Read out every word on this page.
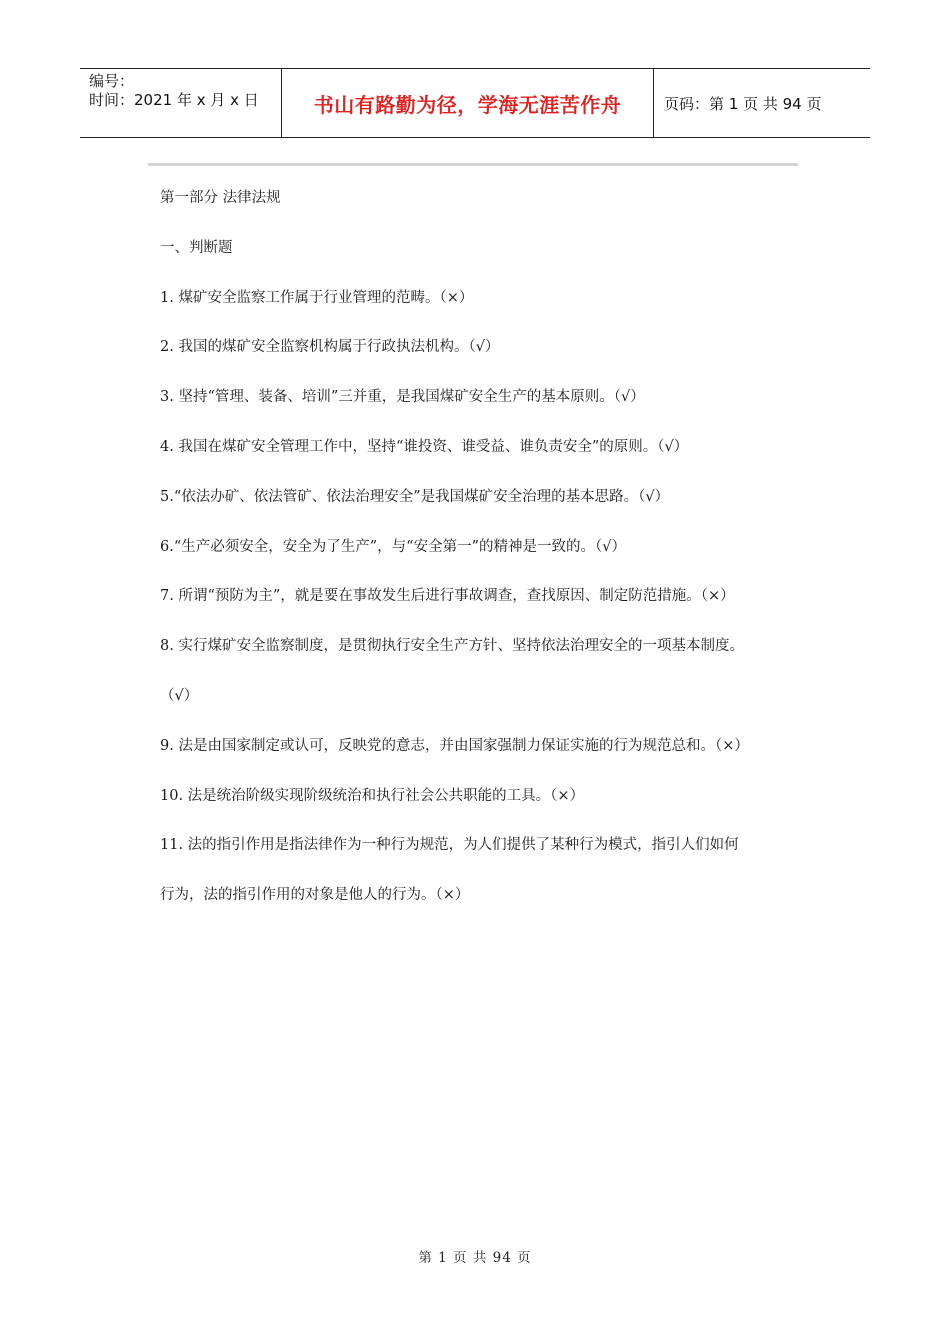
编号：
时间：2021 年 x 月 x 日	书山有路勤为径，学海无涯苦作舟	页码：第 1 页 共 94 页
第一部分 法律法规
一、判断题
1. 煤矿安全监察工作属于行业管理的范畴。（×）
2. 我国的煤矿安全监察机构属于行政执法机构。（√）
3. 坚持“管理、装备、培训”三并重，是我国煤矿安全生产的基本原则。（√）
4. 我国在煤矿安全管理工作中，坚持“谁投资、谁受益、谁负责安全”的原则。（√）
5.“依法办矿、依法管矿、依法治理安全”是我国煤矿安全治理的基本思路。（√）
6.“生产必须安全，安全为了生产”，与“安全第一”的精神是一致的。（√）
7. 所谓“预防为主”，就是要在事故发生后进行事故调查，查找原因、制定防范措施。（×）
8. 实行煤矿安全监察制度，是贯彻执行安全生产方针、坚持依法治理安全的一项基本制度。
（√）
9. 法是由国家制定或认可，反映党的意志，并由国家强制力保证实施的行为规范总和。（×）
10. 法是统治阶级实现阶级统治和执行社会公共职能的工具。（×）
11. 法的指引作用是指法律作为一种行为规范，为人们提供了某种行为模式，指引人们如何
行为，法的指引作用的对象是他人的行为。（×）
第 1 页 共 94 页
